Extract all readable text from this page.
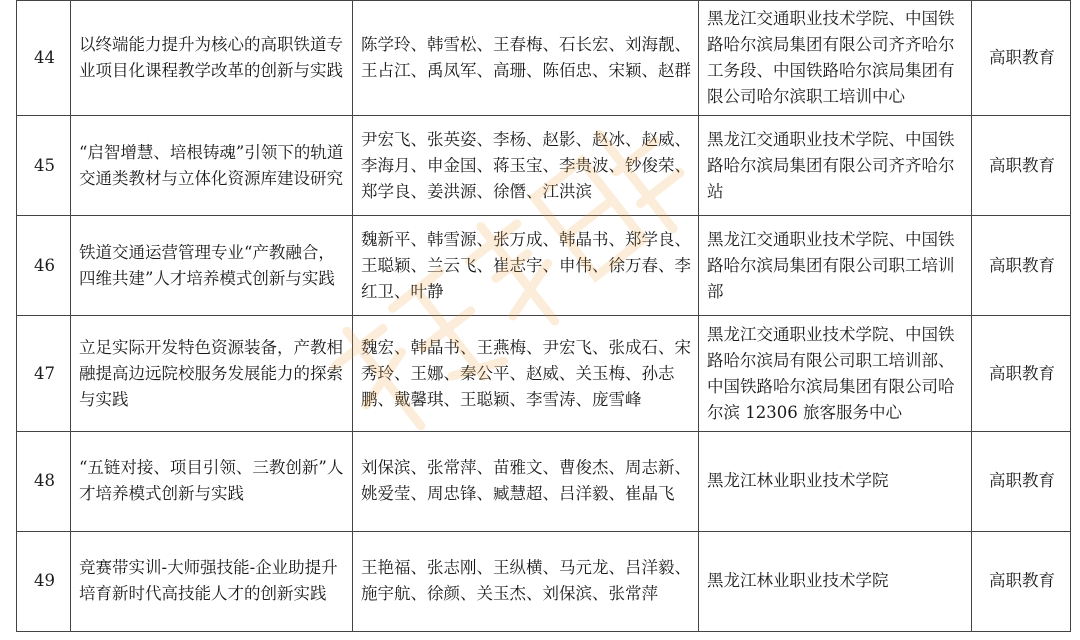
44	以终端能力提升为核心的高职铁道专业项目化课程教学改革的创新与实践	陈学玲、韩雪松、王春梅、石长宏、刘海靓、王占江、禹凤军、高珊、陈佰忠、宋颖、赵群	黑龙江交通职业技术学院、中国铁路哈尔滨局集团有限公司齐齐哈尔工务段、中国铁路哈尔滨局集团有限公司哈尔滨职工培训中心	高职教育
45	“启智增慧、培根铸魂”引领下的轨道交通类教材与立体化资源库建设研究	尹宏飞、张英姿、李杨、赵影、赵冰、赵威、李海月、申金国、蒋玉宝、李贵波、钞俊荣、郑学良、姜洪源、徐僭、江洪滨	黑龙江交通职业技术学院、中国铁路哈尔滨局集团有限公司齐齐哈尔站	高职教育
46	铁道交通运营管理专业“产教融合，四维共建”人才培养模式创新与实践	魏新平、韩雪源、张万成、韩晶书、郑学良、王聪颖、兰云飞、崔志宇、申伟、徐万春、李红卫、叶静	黑龙江交通职业技术学院、中国铁路哈尔滨局集团有限公司职工培训部	高职教育
47	立足实际开发特色资源装备，产教相融提高边远院校服务发展能力的探索与实践	魏宏、韩晶书、王燕梅、尹宏飞、张成石、宋秀玲、王娜、秦公平、赵威、关玉梅、孙志鹏、戴馨琪、王聪颖、李雪涛、庞雪峰	黑龙江交通职业技术学院、中国铁路哈尔滨局有限公司职工培训部、中国铁路哈尔滨局集团有限公司哈尔滨 12306 旅客服务中心	高职教育
48	“五链对接、项目引领、三教创新”人才培养模式创新与实践	刘保滨、张常萍、苗雅文、曹俊杰、周志新、姚爱莹、周忠锋、臧慧超、吕洋毅、崔晶飞	黑龙江林业职业技术学院	高职教育
49	竞赛带实训-大师强技能-企业助提升 培育新时代高技能人才的创新实践	王艳福、张志刚、王纵横、马元龙、吕洋毅、施宇航、徐颜、关玉杰、刘保滨、张常萍	黑龙江林业职业技术学院	高职教育
